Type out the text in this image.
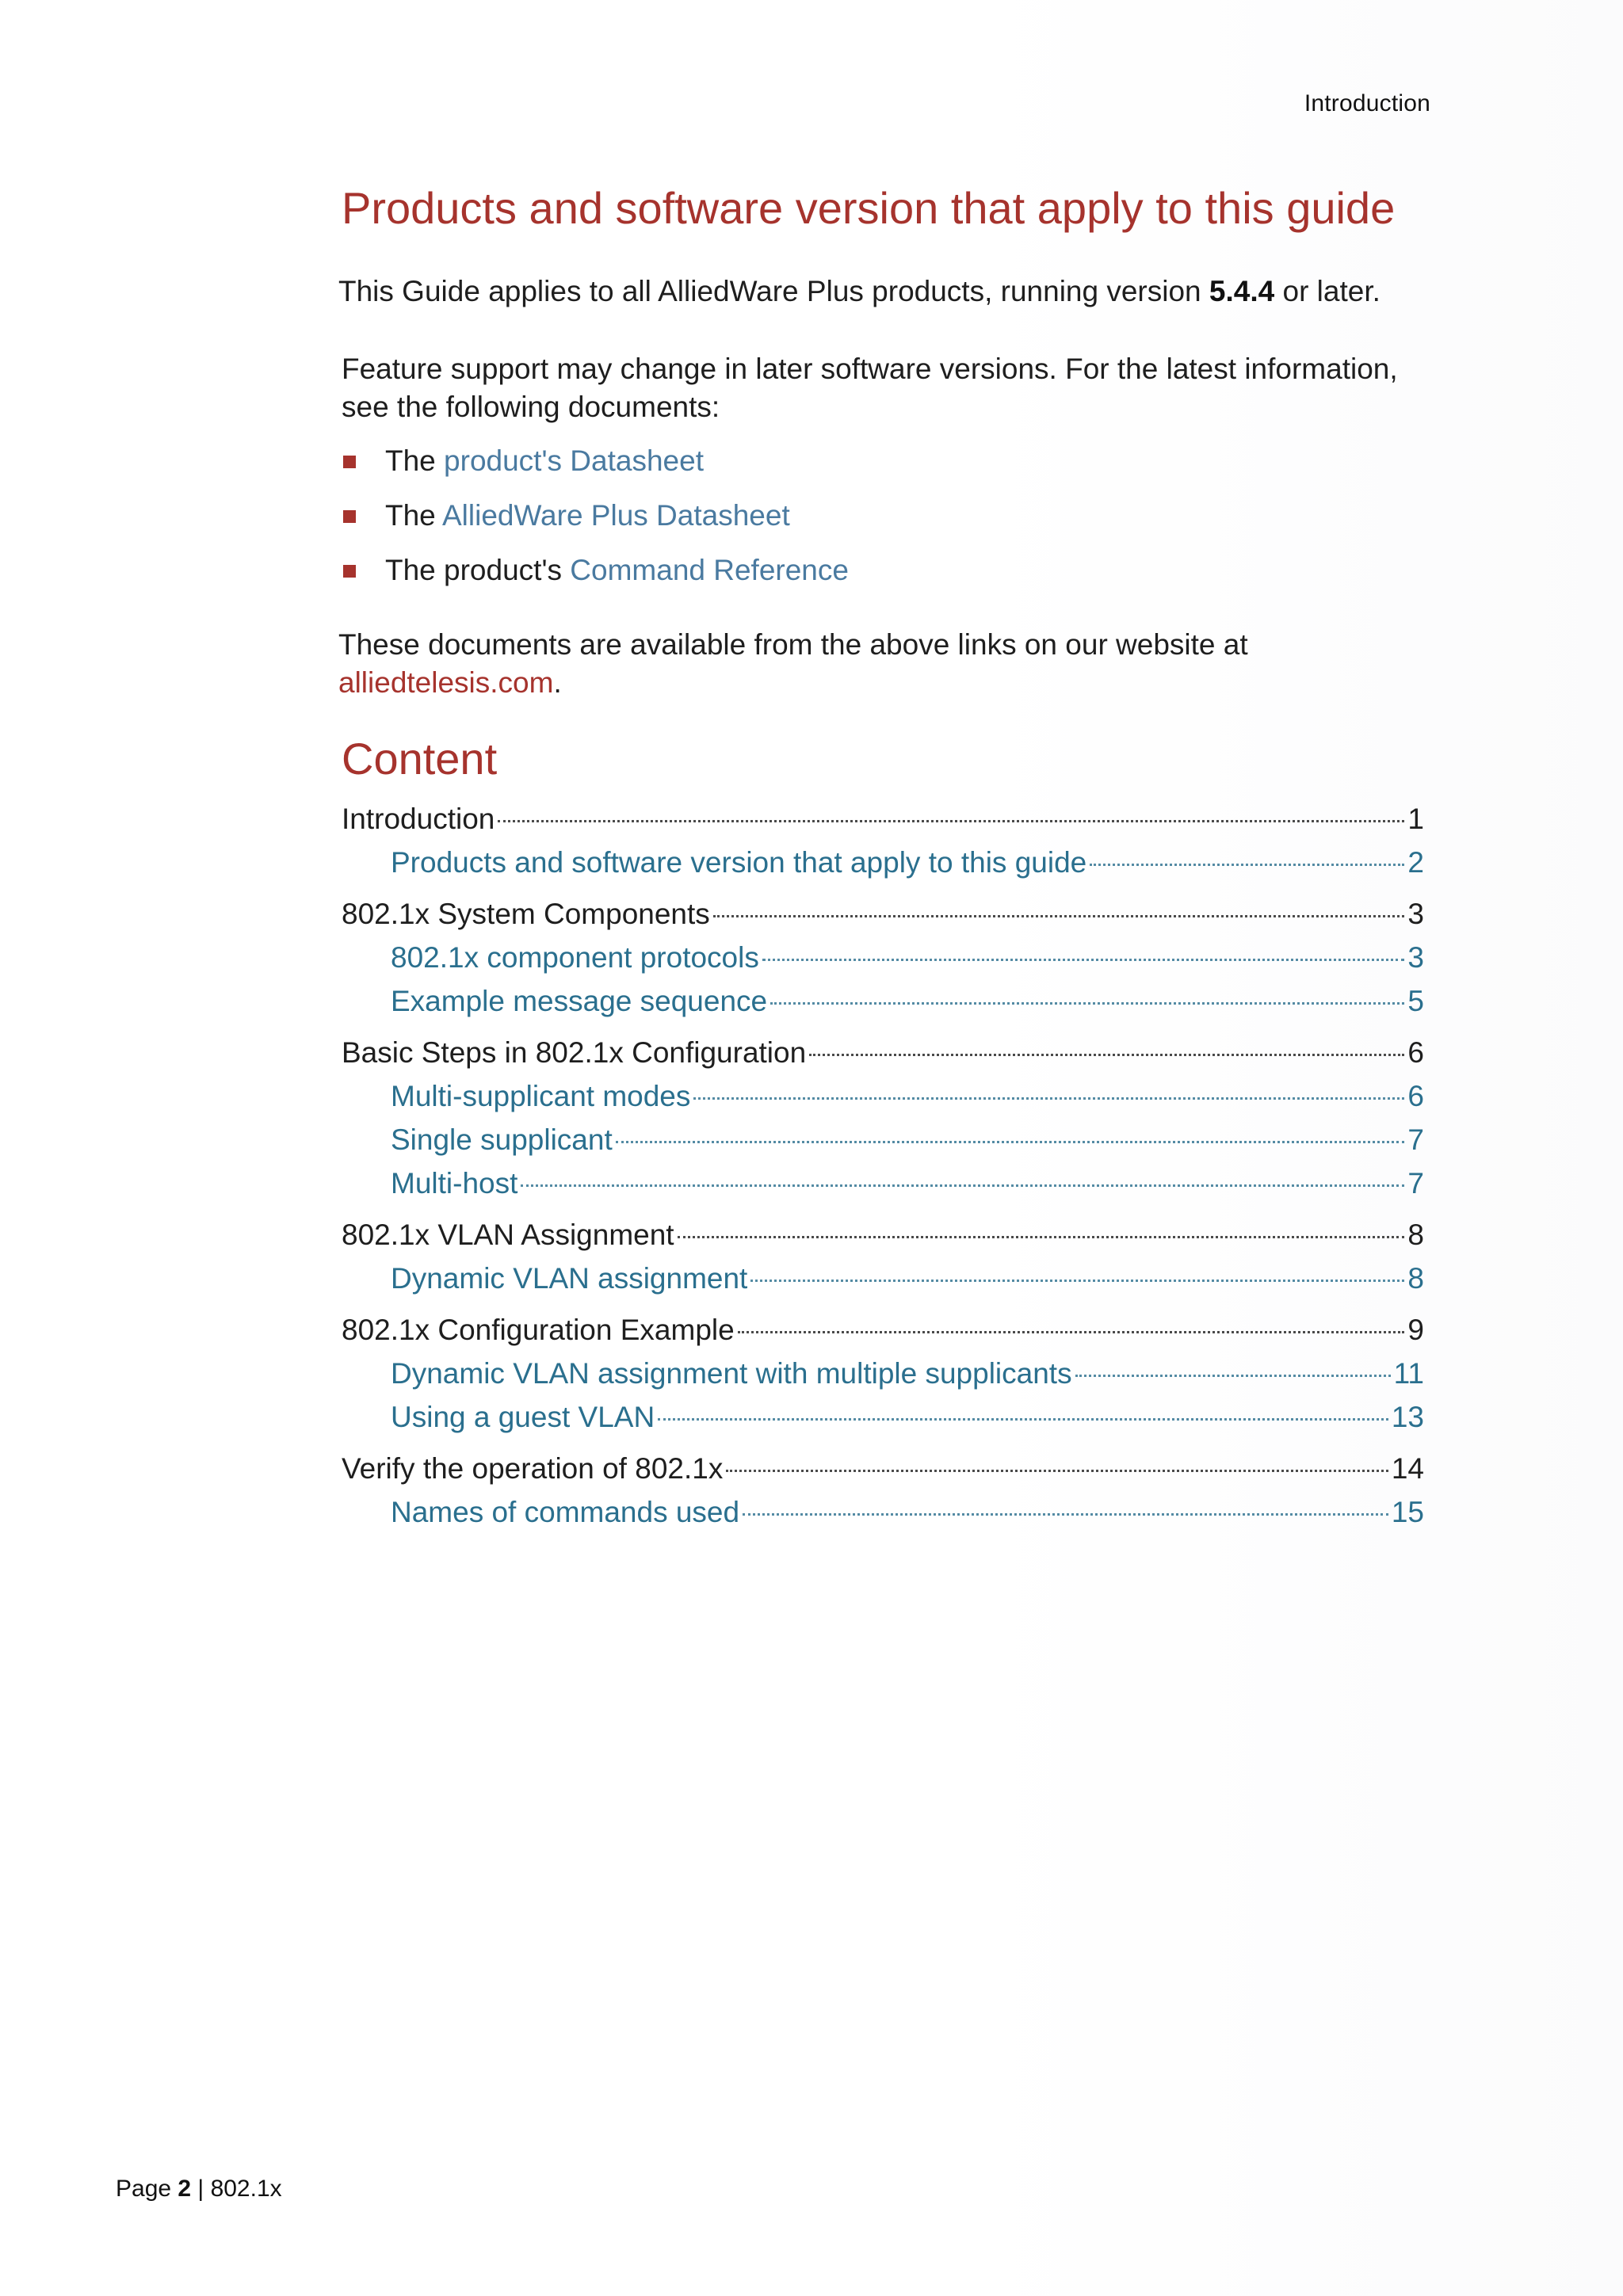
Introduction
Products and software version that apply to this guide

This Guide applies to all AlliedWare Plus products, running version 5.4.4 or later.

Feature support may change in later software versions. For the latest information, see the following documents:

The product's Datasheet
The AlliedWare Plus Datasheet
The product's Command Reference

These documents are available from the above links on our website at alliedtelesis.com.

Content
Introduction	1
Products and software version that apply to this guide	2
802.1x System Components	3
802.1x component protocols	3
Example message sequence	5
Basic Steps in 802.1x Configuration	6
Multi-supplicant modes	6
Single supplicant	7
Multi-host	7
802.1x VLAN Assignment	8
Dynamic VLAN assignment	8
802.1x Configuration Example	9
Dynamic VLAN assignment with multiple supplicants	11
Using a guest VLAN	13
Verify the operation of 802.1x	14
Names of commands used	15
Page 2 | 802.1x
